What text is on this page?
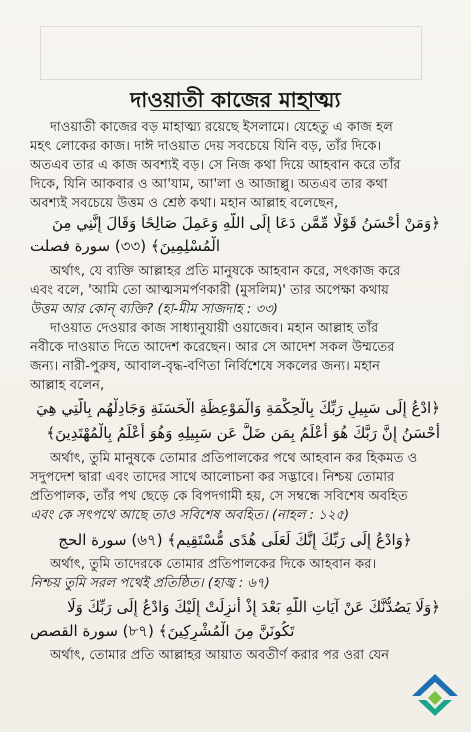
দাওয়াতী কাজের মাহাত্ম্য
দাওয়াতী কাজের বড় মাহাত্ম্য রয়েছে ইসলামে। যেহেতু এ কাজ হল
মহৎ লোকের কাজ। দাঈ দাওয়াত দেয় সবচেয়ে যিনি বড়, তাঁর দিকে।
অতএব তার এ কাজ অবশ্যই বড়। সে নিজ কথা দিয়ে আহবান করে তাঁর
দিকে, যিনি আকবার ও আ'যাম, আ'লা ও আজাল্লু। অতএব তার কথা
অবশ্যই সবচেয়ে উত্তম ও শ্রেষ্ঠ কথা। মহান আল্লাহ বলেছেন,
﴿وَمَنْ أَحْسَنُ قَوْلًا مِّمَّن دَعَا إِلَى اللَّهِ وَعَمِلَ صَالِحًا وَقَالَ إِنَّنِي مِنَ
الْمُسْلِمِينَ﴾ (৩৩) سورة فصلت
অর্থাৎ, যে ব্যক্তি আল্লাহর প্রতি মানুষকে আহবান করে, সৎকাজ করে
এবং বলে, 'আমি তো আত্মসমর্পণকারী (মুসলিম)' তার অপেক্ষা কথায়
উত্তম আর কোন্ ব্যক্তি? (হা-মীম সাজদাহ : ৩৩)
দাওয়াত দেওয়ার কাজ সাধ্যানুযায়ী ওয়াজেব। মহান আল্লাহ তাঁর
নবীকে দাওয়াত দিতে আদেশ করেছেন। আর সে আদেশ সকল উম্মতের
জন্য। নারী-পুরুষ, আবাল-বৃদ্ধ-বণিতা নির্বিশেষে সকলের জন্য। মহান
আল্লাহ বলেন,
﴿ادْعُ إِلَى سَبِيلِ رَبِّكَ بِالْحِكْمَةِ وَالْمَوْعِظَةِ الْحَسَنَةِ وَجَادِلْهُم بِالَّتِي هِيَ
أَحْسَنُ إِنَّ رَبَّكَ هُوَ أَعْلَمُ بِمَن ضَلَّ عَن سَبِيلِهِ وَهُوَ أَعْلَمُ بِالْمُهْتَدِينَ﴾
অর্থাৎ, তুমি মানুষকে তোমার প্রতিপালকের পথে আহবান কর হিকমত ও
সদুপদেশ দ্বারা এবং তাদের সাথে আলোচনা কর সদ্ভাবে। নিশ্চয় তোমার
প্রতিপালক, তাঁর পথ ছেড়ে কে বিপদগামী হয়, সে সম্বন্ধে সবিশেষ অবহিত
এবং কে সৎপথে আছে তাও সবিশেষ অবহিত। (নাহল : ১২৫)
﴿وَادْعُ إِلَى رَبِّكَ إِنَّكَ لَعَلَى هُدًى مُّسْتَقِيمٍ﴾ (৬৭) سورة الحج
অর্থাৎ, তুমি তাদেরকে তোমার প্রতিপালকের দিকে আহবান কর।
নিশ্চয় তুমি সরল পথেই প্রতিষ্ঠিত। (হাজ্ব : ৬৭)
﴿وَلَا يَصُدُّنَّكَ عَنْ آيَاتِ اللَّهِ بَعْدَ إِذْ أُنزِلَتْ إِلَيْكَ وَادْعُ إِلَى رَبِّكَ وَلَا
تَكُونَنَّ مِنَ الْمُشْرِكِينَ﴾ (৮৭) سورة القصص
অর্থাৎ, তোমার প্রতি আল্লাহর আয়াত অবতীর্ণ করার পর ওরা যেন
